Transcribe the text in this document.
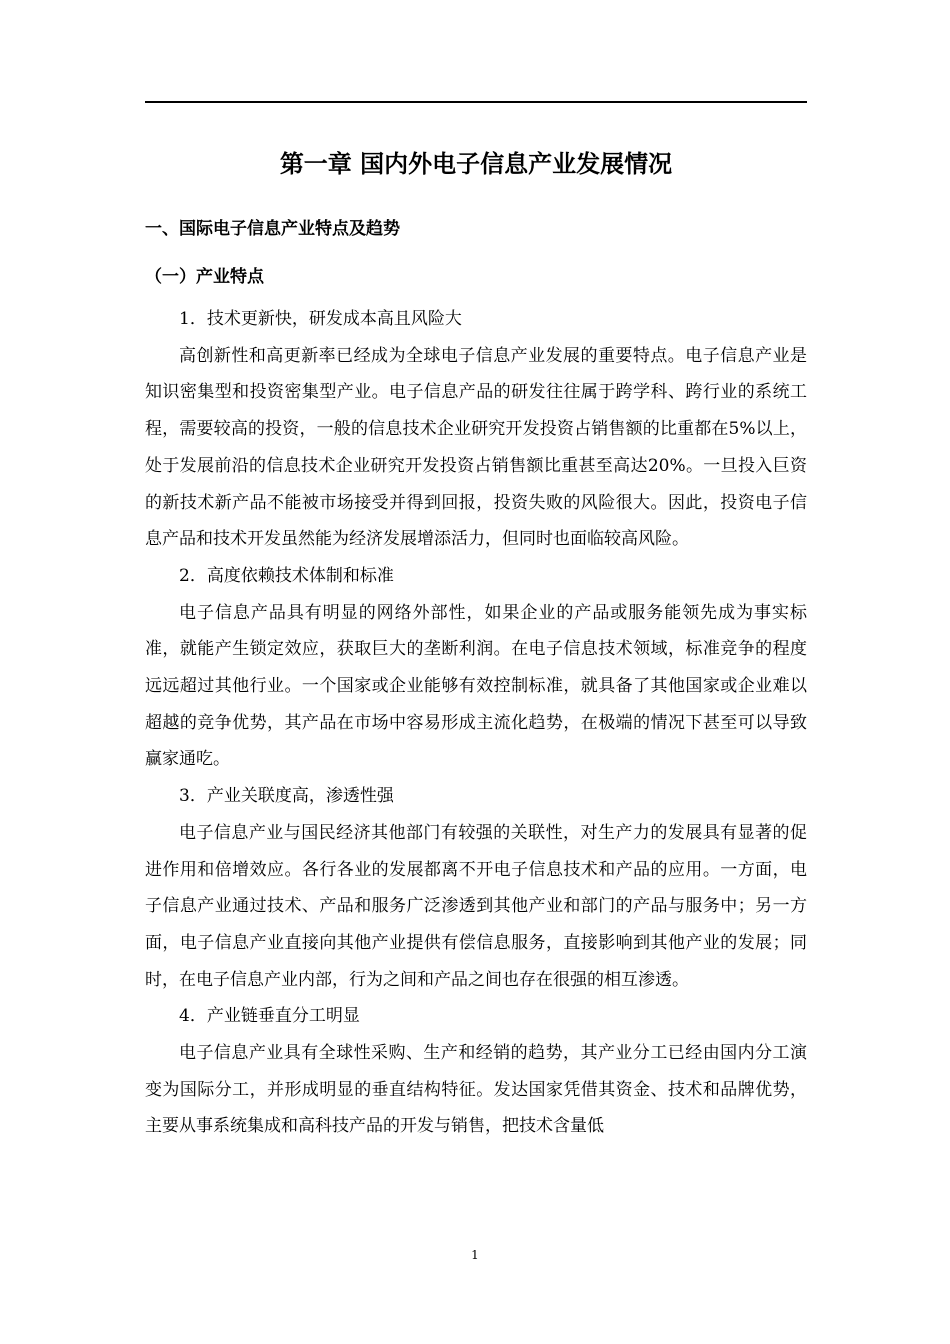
第一章 国内外电子信息产业发展情况
一、国际电子信息产业特点及趋势
（一）产业特点

1．技术更新快，研发成本高且风险大

高创新性和高更新率已经成为全球电子信息产业发展的重要特点。电子信息产业是知识密集型和投资密集型产业。电子信息产品的研发往往属于跨学科、跨行业的系统工程，需要较高的投资，一般的信息技术企业研究开发投资占销售额的比重都在5%以上，处于发展前沿的信息技术企业研究开发投资占销售额比重甚至高达20%。一旦投入巨资的新技术新产品不能被市场接受并得到回报，投资失败的风险很大。因此，投资电子信息产品和技术开发虽然能为经济发展增添活力，但同时也面临较高风险。

2．高度依赖技术体制和标准

电子信息产品具有明显的网络外部性，如果企业的产品或服务能领先成为事实标准，就能产生锁定效应，获取巨大的垄断利润。在电子信息技术领域，标准竞争的程度远远超过其他行业。一个国家或企业能够有效控制标准，就具备了其他国家或企业难以超越的竞争优势，其产品在市场中容易形成主流化趋势，在极端的情况下甚至可以导致赢家通吃。

3．产业关联度高，渗透性强

电子信息产业与国民经济其他部门有较强的关联性，对生产力的发展具有显著的促进作用和倍增效应。各行各业的发展都离不开电子信息技术和产品的应用。一方面，电子信息产业通过技术、产品和服务广泛渗透到其他产业和部门的产品与服务中；另一方面，电子信息产业直接向其他产业提供有偿信息服务，直接影响到其他产业的发展；同时，在电子信息产业内部，行为之间和产品之间也存在很强的相互渗透。

4．产业链垂直分工明显

电子信息产业具有全球性采购、生产和经销的趋势，其产业分工已经由国内分工演变为国际分工，并形成明显的垂直结构特征。发达国家凭借其资金、技术和品牌优势，主要从事系统集成和高科技产品的开发与销售，把技术含量低

1
